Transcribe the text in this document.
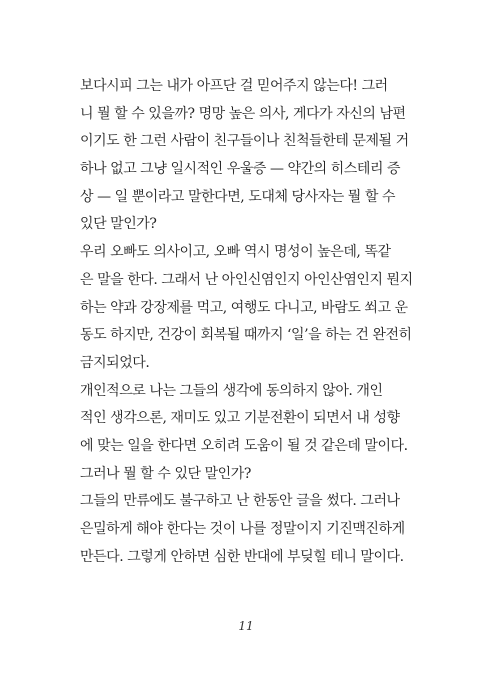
보다시피 그는 내가 아프단 걸 믿어주지 않는다! 그러
니 뭘 할 수 있을까? 명망 높은 의사, 게다가 자신의 남편
이기도 한 그런 사람이 친구들이나 친척들한테 문제될 거
하나 없고 그냥 일시적인 우울증 — 약간의 히스테리 증
상 — 일 뿐이라고 말한다면, 도대체 당사자는 뭘 할 수
있단 말인가?
우리 오빠도 의사이고, 오빠 역시 명성이 높은데, 똑같
은 말을 한다. 그래서 난 아인신염인지 아인산염인지 뭔지
하는 약과 강장제를 먹고, 여행도 다니고, 바람도 쐬고 운
동도 하지만, 건강이 회복될 때까지 ‘일’을 하는 건 완전히
금지되었다.
개인적으로 나는 그들의 생각에 동의하지 않아. 개인
적인 생각으론, 재미도 있고 기분전환이 되면서 내 성향
에 맞는 일을 한다면 오히려 도움이 될 것 같은데 말이다.
그러나 뭘 할 수 있단 말인가?
그들의 만류에도 불구하고 난 한동안 글을 썼다. 그러나
은밀하게 해야 한다는 것이 나를 정말이지 기진맥진하게
만든다. 그렇게 안하면 심한 반대에 부딪힐 테니 말이다.
11
